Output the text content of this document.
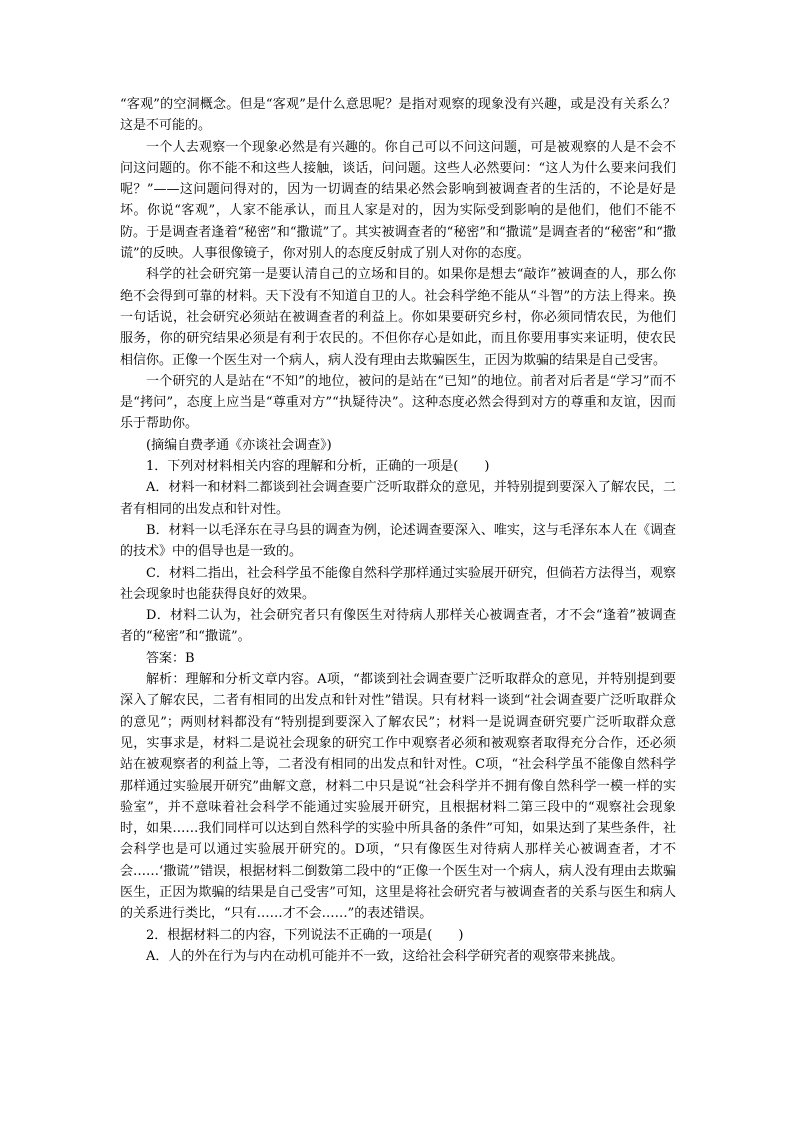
“客观”的空洞概念。但是“客观”是什么意思呢？是指对观察的现象没有兴趣，或是没有关系么？这是不可能的。

一个人去观察一个现象必然是有兴趣的。你自己可以不问这问题，可是被观察的人是不会不问这问题的。你不能不和这些人接触，谈话，问问题。这些人必然要问：“这人为什么要来问我们呢？”——这问题问得对的，因为一切调查的结果必然会影响到被调查者的生活的，不论是好是坏。你说“客观”，人家不能承认，而且人家是对的，因为实际受到影响的是他们，他们不能不防。于是调查者逢着“秘密”和“撒谎”了。其实被调查者的“秘密”和“撒谎”是调查者的“秘密”和“撒谎”的反映。人事很像镜子，你对别人的态度反射成了别人对你的态度。

科学的社会研究第一是要认清自己的立场和目的。如果你是想去“敲诈”被调查的人，那么你绝不会得到可靠的材料。天下没有不知道自卫的人。社会科学绝不能从“斗智”的方法上得来。换一句话说，社会研究必须站在被调查者的利益上。你如果要研究乡村，你必须同情农民，为他们服务，你的研究结果必须是有利于农民的。不但你存心是如此，而且你要用事实来证明，使农民相信你。正像一个医生对一个病人，病人没有理由去欺骗医生，正因为欺骗的结果是自己受害。

一个研究的人是站在“不知”的地位，被问的是站在“已知”的地位。前者对后者是“学习”而不是“拷问”，态度上应当是“尊重对方”“执疑待决”。这种态度必然会得到对方的尊重和友谊，因而乐于帮助你。

(摘编自费孝通《亦谈社会调查》)

1．下列对材料相关内容的理解和分析，正确的一项是(　　)

A．材料一和材料二都谈到社会调查要广泛听取群众的意见，并特别提到要深入了解农民，二者有相同的出发点和针对性。

B．材料一以毛泽东在寻乌县的调查为例，论述调查要深入、唯实，这与毛泽东本人在《调查的技术》中的倡导也是一致的。

C．材料二指出，社会科学虽不能像自然科学那样通过实验展开研究，但倘若方法得当，观察社会现象时也能获得良好的效果。

D．材料二认为，社会研究者只有像医生对待病人那样关心被调查者，才不会“逢着”被调查者的“秘密”和“撒谎”。

答案：B

解析：理解和分析文章内容。A项，“都谈到社会调查要广泛听取群众的意见，并特别提到要深入了解农民，二者有相同的出发点和针对性”错误。只有材料一谈到“社会调查要广泛听取群众的意见”；两则材料都没有“特别提到要深入了解农民”；材料一是说调查研究要广泛听取群众意见，实事求是，材料二是说社会现象的研究工作中观察者必须和被观察者取得充分合作，还必须站在被观察者的利益上等，二者没有相同的出发点和针对性。C项，“社会科学虽不能像自然科学那样通过实验展开研究”曲解文意，材料二中只是说“社会科学并不拥有像自然科学一模一样的实验室”，并不意味着社会科学不能通过实验展开研究，且根据材料二第三段中的“观察社会现象时，如果……我们同样可以达到自然科学的实验中所具备的条件”可知，如果达到了某些条件，社会科学也是可以通过实验展开研究的。D项，“只有像医生对待病人那样关心被调查者，才不会……‘撒谎’”错误，根据材料二倒数第二段中的“正像一个医生对一个病人，病人没有理由去欺骗医生，正因为欺骗的结果是自己受害”可知，这里是将社会研究者与被调查者的关系与医生和病人的关系进行类比，“只有……才不会……”的表述错误。

2．根据材料二的内容，下列说法不正确的一项是(　　)

A．人的外在行为与内在动机可能并不一致，这给社会科学研究者的观察带来挑战。
